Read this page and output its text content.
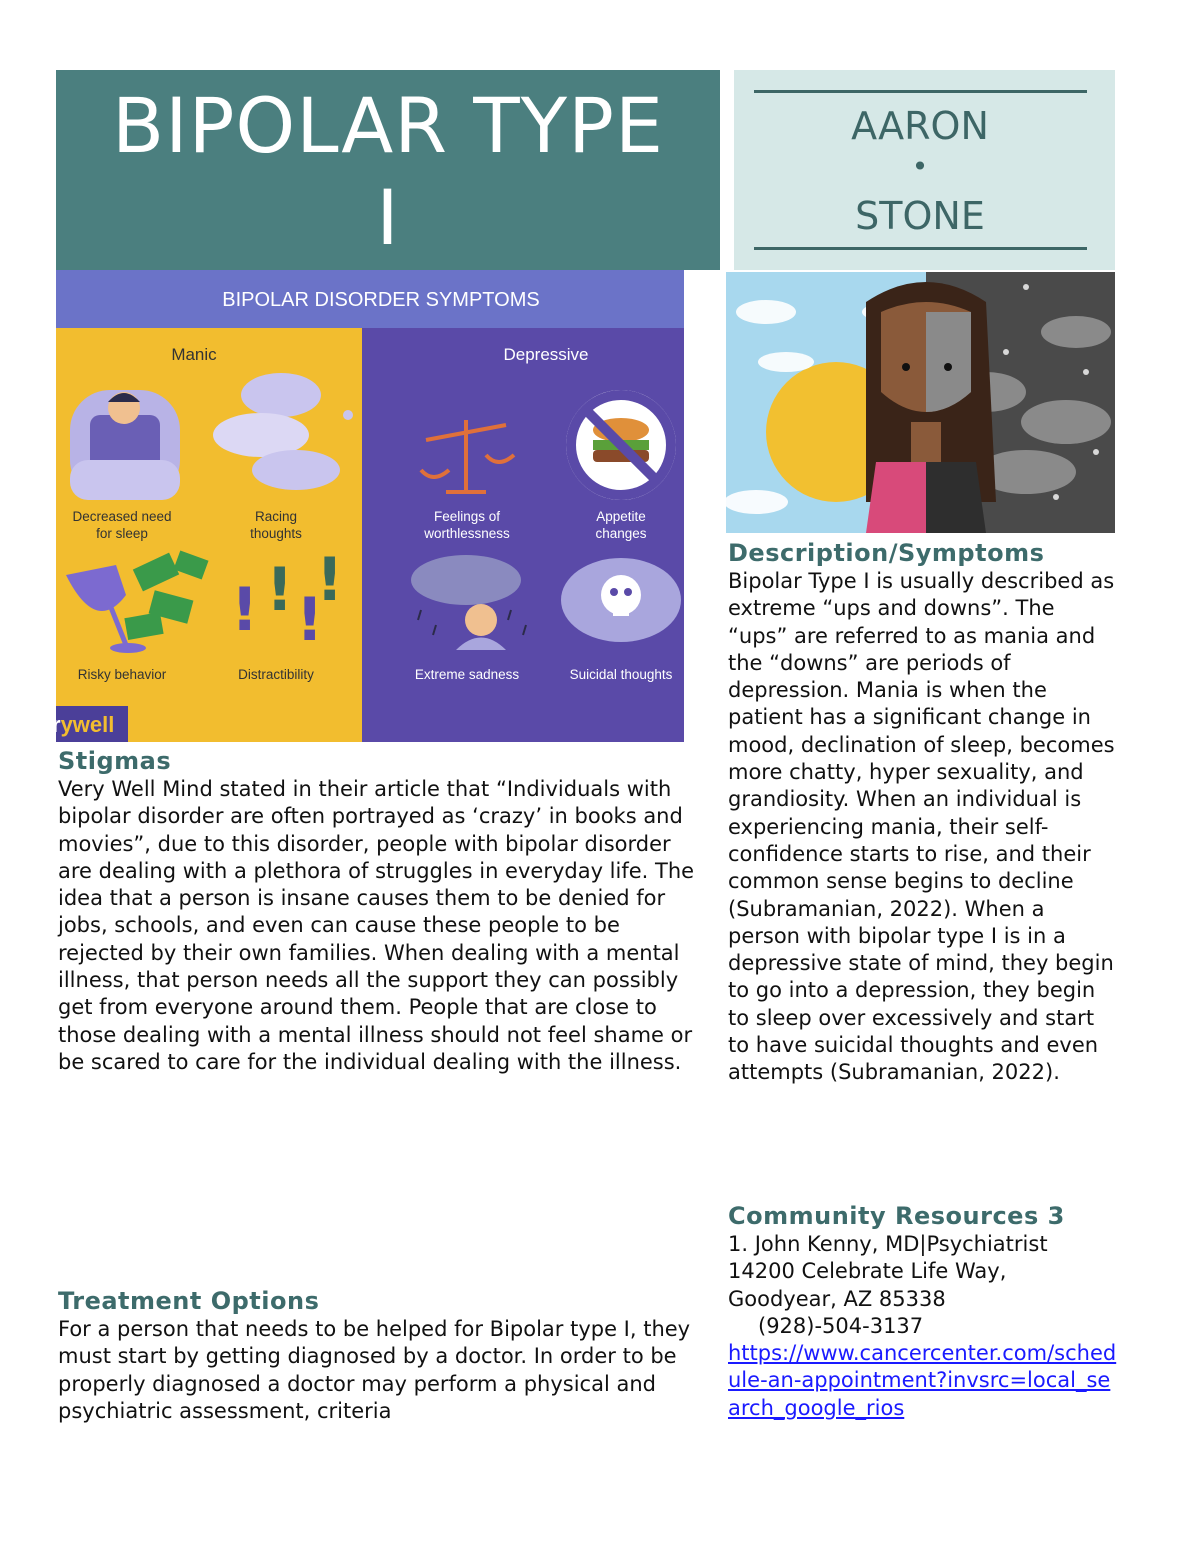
BIPOLAR TYPE
I
AARON
•
STONE
BIPOLAR DISORDER SYMPTOMS
Manic	Depressive
! ! !
!
Decreased need
for sleep
Racing
thoughts
Feelings of
worthlessness
Appetite
changes
Risky behavior	Distractibility	Extreme sadness	Suicidal thoughts
rywell
Stigmas
Very Well Mind stated in their article that “Individuals with bipolar disorder are often portrayed as ‘crazy’ in books and movies”, due to this disorder, people with bipolar disorder are dealing with a plethora of struggles in everyday life. The idea that a person is insane causes them to be denied for jobs, schools, and even can cause these people to be rejected by their own families. When dealing with a mental illness, that person needs all the support they can possibly get from everyone around them. People that are close to those dealing with a mental illness should not feel shame or be scared to care for the individual dealing with the illness.
Treatment Options
For a person that needs to be helped for Bipolar type I, they must start by getting diagnosed by a doctor. In order to be properly diagnosed a doctor may perform a physical and psychiatric assessment, criteria
Description/Symptoms
Bipolar Type I is usually described as extreme “ups and downs”. The “ups” are referred to as mania and the “downs” are periods of depression. Mania is when the patient has a significant change in mood, declination of sleep, becomes more chatty, hyper sexuality, and grandiosity. When an individual is experiencing mania, their self-confidence starts to rise, and their common sense begins to decline (Subramanian, 2022). When a person with bipolar type I is in a depressive state of mind, they begin to go into a depression, they begin to sleep over excessively and start to have suicidal thoughts and even attempts (Subramanian, 2022).
Community Resources 3
1. John Kenny, MD|Psychiatrist
14200 Celebrate Life Way,
Goodyear, AZ 85338
(928)-504-3137
https://www.cancercenter.com/schedule-an-appointment?invsrc=local_search_google_rios
